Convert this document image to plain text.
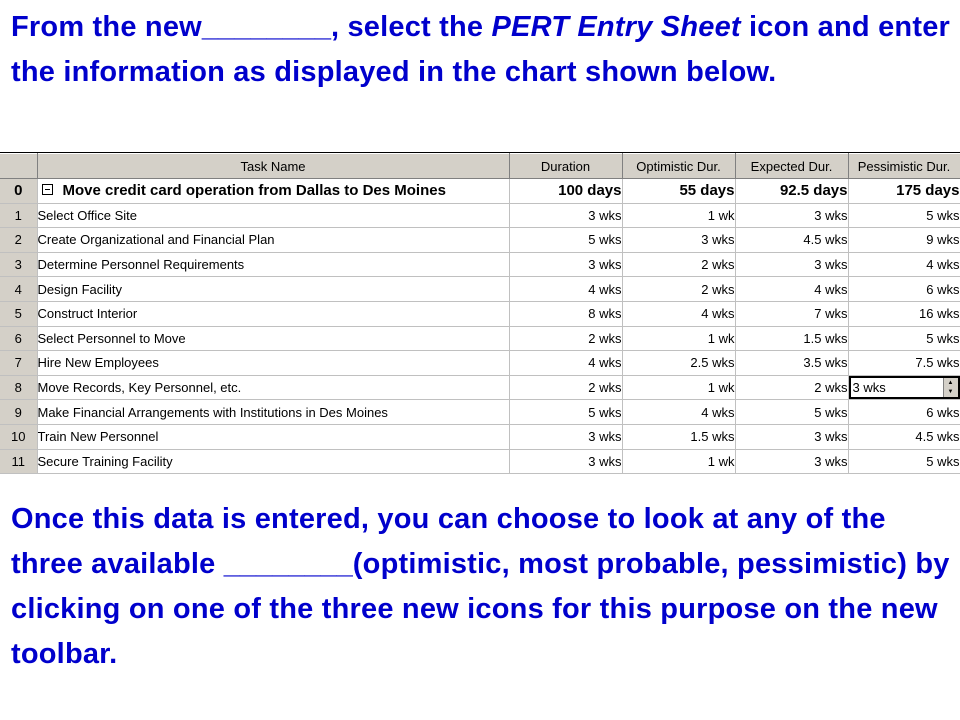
From the new________, select the PERT Entry Sheet icon and enter the information as displayed in the chart shown below.
	Task Name	Duration	Optimistic Dur.	Expected Dur.	Pessimistic Dur.
0	Move credit card operation from Dallas to Des Moines	100 days	55 days	92.5 days	175 days
1	Select Office Site	3 wks	1 wk	3 wks	5 wks
2	Create Organizational and Financial Plan	5 wks	3 wks	4.5 wks	9 wks
3	Determine Personnel Requirements	3 wks	2 wks	3 wks	4 wks
4	Design Facility	4 wks	2 wks	4 wks	6 wks
5	Construct Interior	8 wks	4 wks	7 wks	16 wks
6	Select Personnel to Move	2 wks	1 wk	1.5 wks	5 wks
7	Hire New Employees	4 wks	2.5 wks	3.5 wks	7.5 wks
8	Move Records, Key Personnel, etc.	2 wks	1 wk	2 wks	3 wks ▲
▼

9	Make Financial Arrangements with Institutions in Des Moines	5 wks	4 wks	5 wks	6 wks
10	Train New Personnel	3 wks	1.5 wks	3 wks	4.5 wks
11	Secure Training Facility	3 wks	1 wk	3 wks	5 wks
Once this data is entered, you can choose to look at any of the three available ________(optimistic, most probable, pessimistic) by clicking on one of the three new icons for this purpose on the new toolbar.
